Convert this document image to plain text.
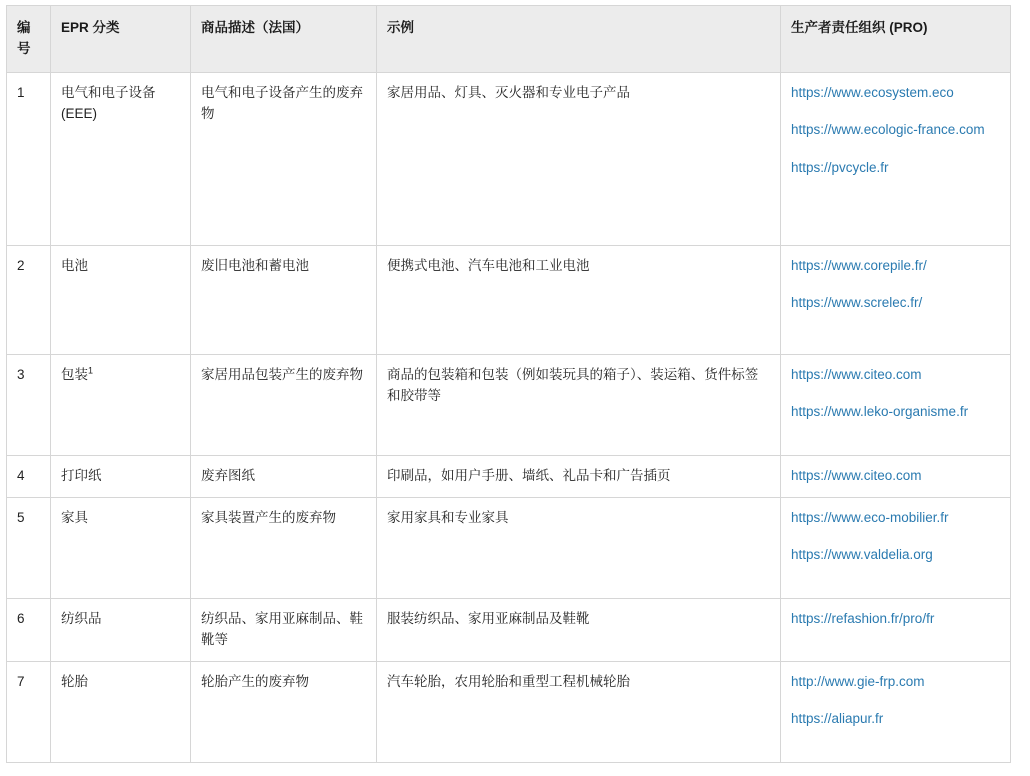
编号	EPR 分类	商品描述（法国）	示例	生产者责任组织 (PRO)
1	电气和电子设备 (EEE)	电气和电子设备产生的废弃物	家居用品、灯具、灭火器和专业电子产品	https://www.ecosystem.eco
https://www.ecologic-france.com
https://pvcycle.fr

2	电池	废旧电池和蓄电池	便携式电池、汽车电池和工业电池	https://www.corepile.fr/
https://www.screlec.fr/

3	包装$^1$	家居用品包装产生的废弃物	商品的包装箱和包装（例如装玩具的箱子）、装运箱、货件标签和胶带等	https://www.citeo.com
https://www.leko-organisme.fr

4	打印纸	废弃图纸	印刷品，如用户手册、墙纸、礼品卡和广告插页	https://www.citeo.com

5	家具	家具装置产生的废弃物	家用家具和专业家具	https://www.eco-mobilier.fr
https://www.valdelia.org

6	纺织品	纺织品、家用亚麻制品、鞋靴等	服装纺织品、家用亚麻制品及鞋靴	https://refashion.fr/pro/fr

7	轮胎	轮胎产生的废弃物	汽车轮胎，农用轮胎和重型工程机械轮胎	http://www.gie-frp.com
https://aliapur.fr
